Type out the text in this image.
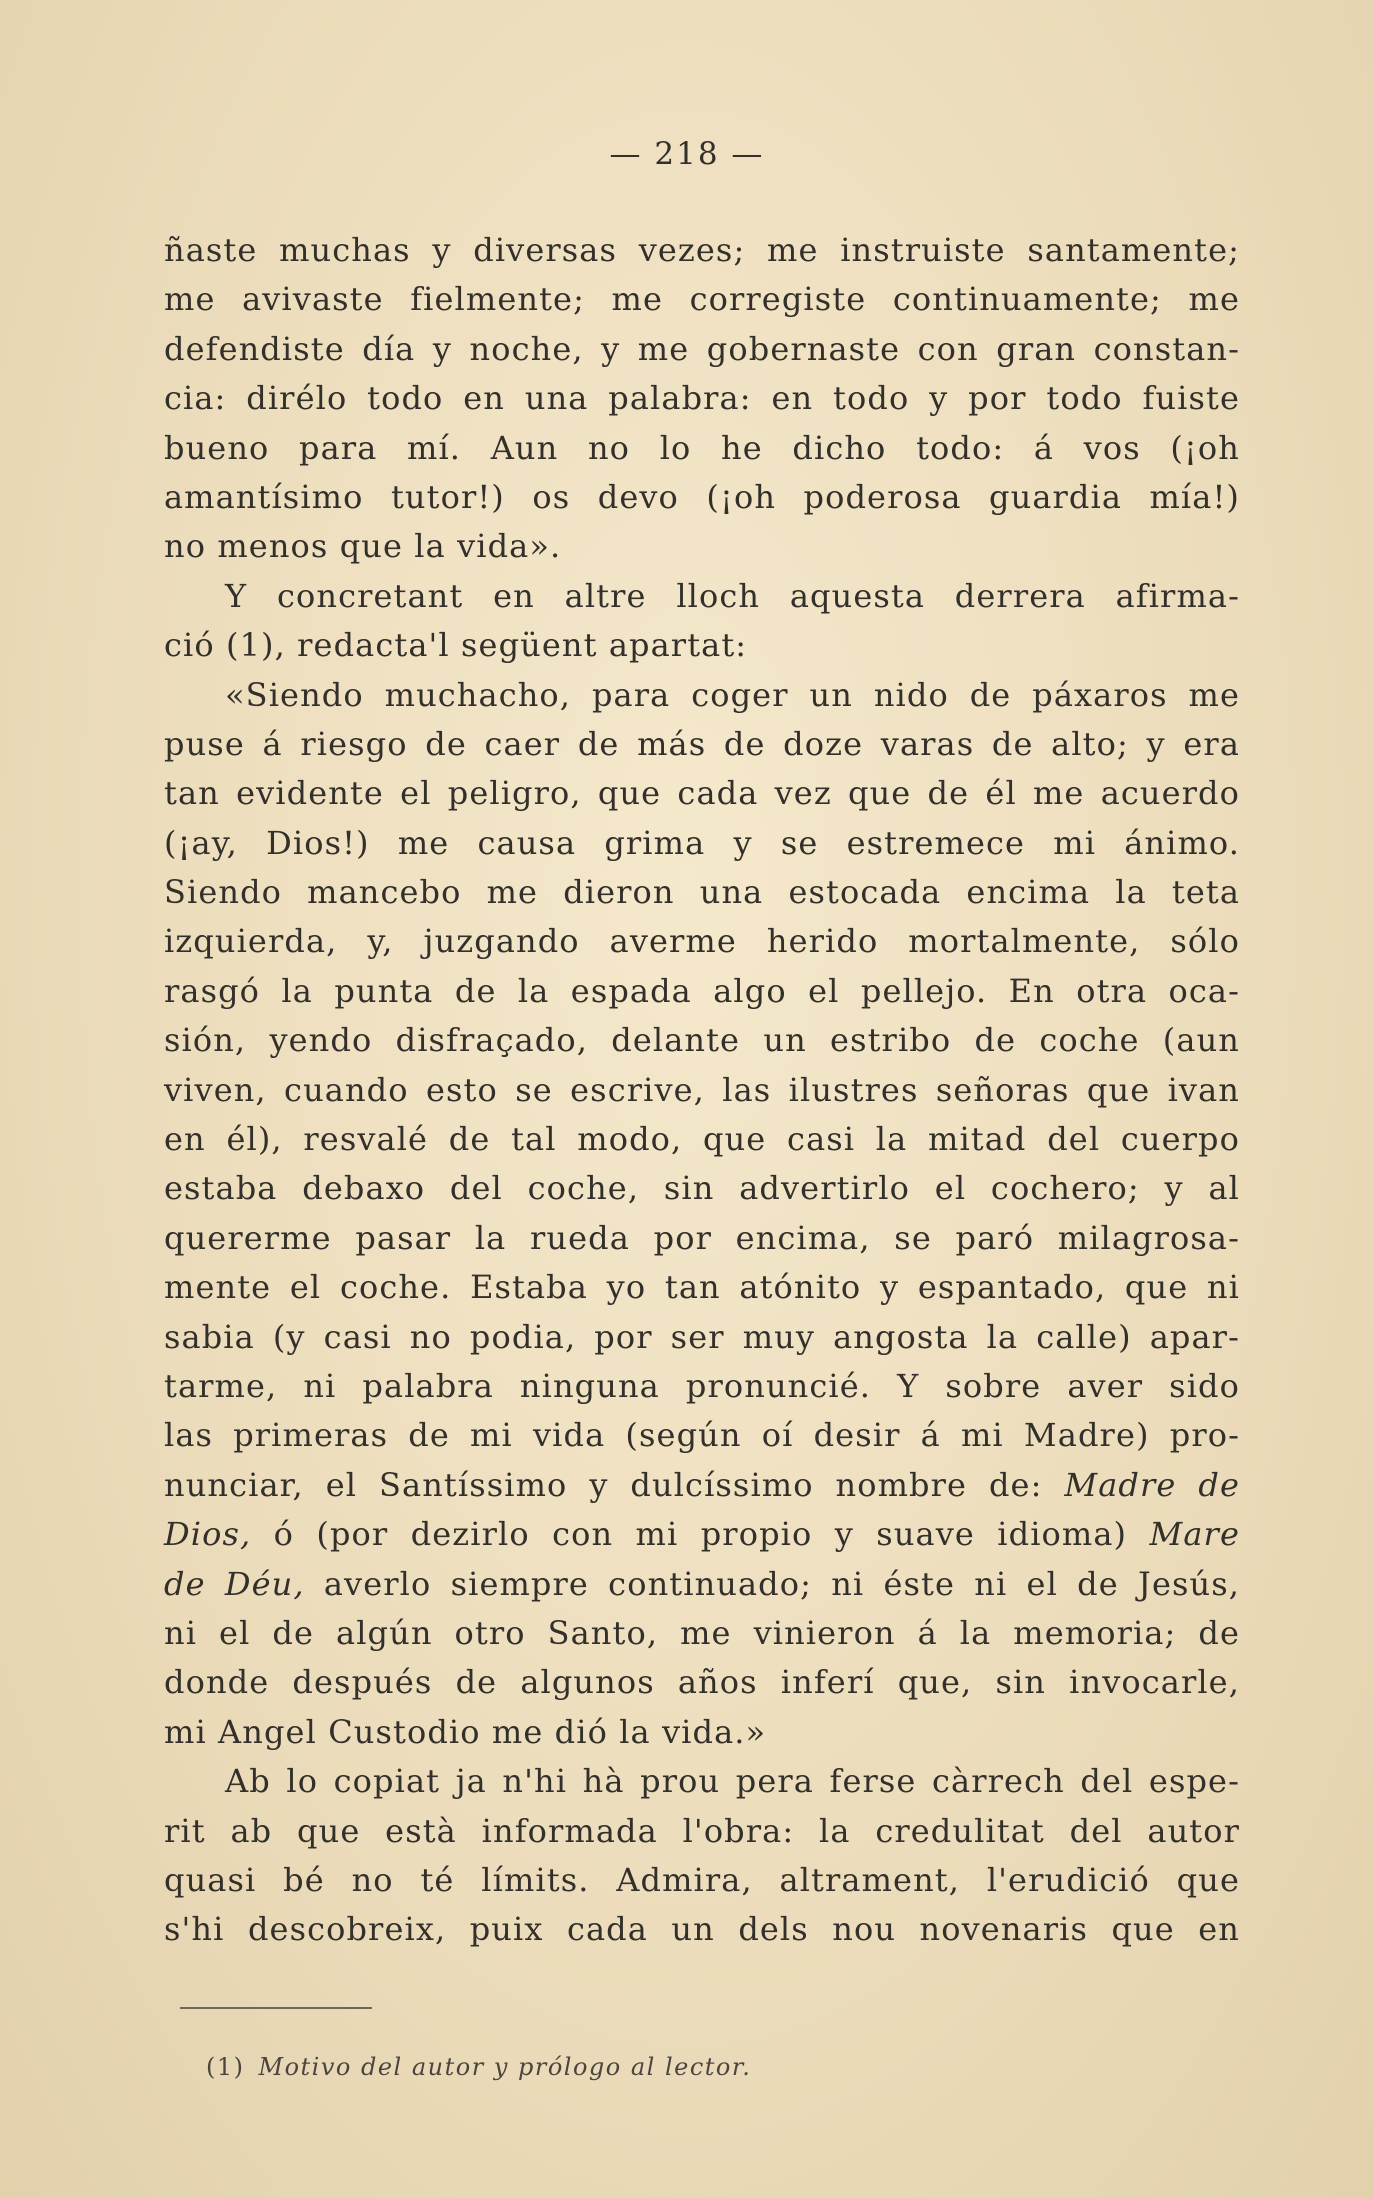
— 218 —
ñaste muchas y diversas vezes; me instruiste santamente;
me avivaste fielmente; me corregiste continuamente; me
defendiste día y noche, y me gobernaste con gran constan-
cia: dirélo todo en una palabra: en todo y por todo fuiste
bueno para mí. Aun no lo he dicho todo: á vos (¡oh
amantísimo tutor!) os devo (¡oh poderosa guardia mía!)
no menos que la vida».
Y concretant en altre lloch aquesta derrera afirma-
ció (1), redacta'l següent apartat:
«Siendo muchacho, para coger un nido de páxaros me
puse á riesgo de caer de más de doze varas de alto; y era
tan evidente el peligro, que cada vez que de él me acuerdo
(¡ay, Dios!) me causa grima y se estremece mi ánimo.
Siendo mancebo me dieron una estocada encima la teta
izquierda, y, juzgando averme herido mortalmente, sólo
rasgó la punta de la espada algo el pellejo. En otra oca-
sión, yendo disfraçado, delante un estribo de coche (aun
viven, cuando esto se escrive, las ilustres señoras que ivan
en él), resvalé de tal modo, que casi la mitad del cuerpo
estaba debaxo del coche, sin advertirlo el cochero; y al
quererme pasar la rueda por encima, se paró milagrosa-
mente el coche. Estaba yo tan atónito y espantado, que ni
sabia (y casi no podia, por ser muy angosta la calle) apar-
tarme, ni palabra ninguna pronuncié. Y sobre aver sido
las primeras de mi vida (según oí desir á mi Madre) pro-
nunciar, el Santíssimo y dulcíssimo nombre de: Madre de
Dios, ó (por dezirlo con mi propio y suave idioma) Mare
de Déu, averlo siempre continuado; ni éste ni el de Jesús,
ni el de algún otro Santo, me vinieron á la memoria; de
donde después de algunos años inferí que, sin invocarle,
mi Angel Custodio me dió la vida.»
Ab lo copiat ja n'hi hà prou pera ferse càrrech del espe-
rit ab que està informada l'obra: la credulitat del autor
quasi bé no té límits. Admira, altrament, l'erudició que
s'hi descobreix, puix cada un dels nou novenaris que en
(1) Motivo del autor y prólogo al lector.
